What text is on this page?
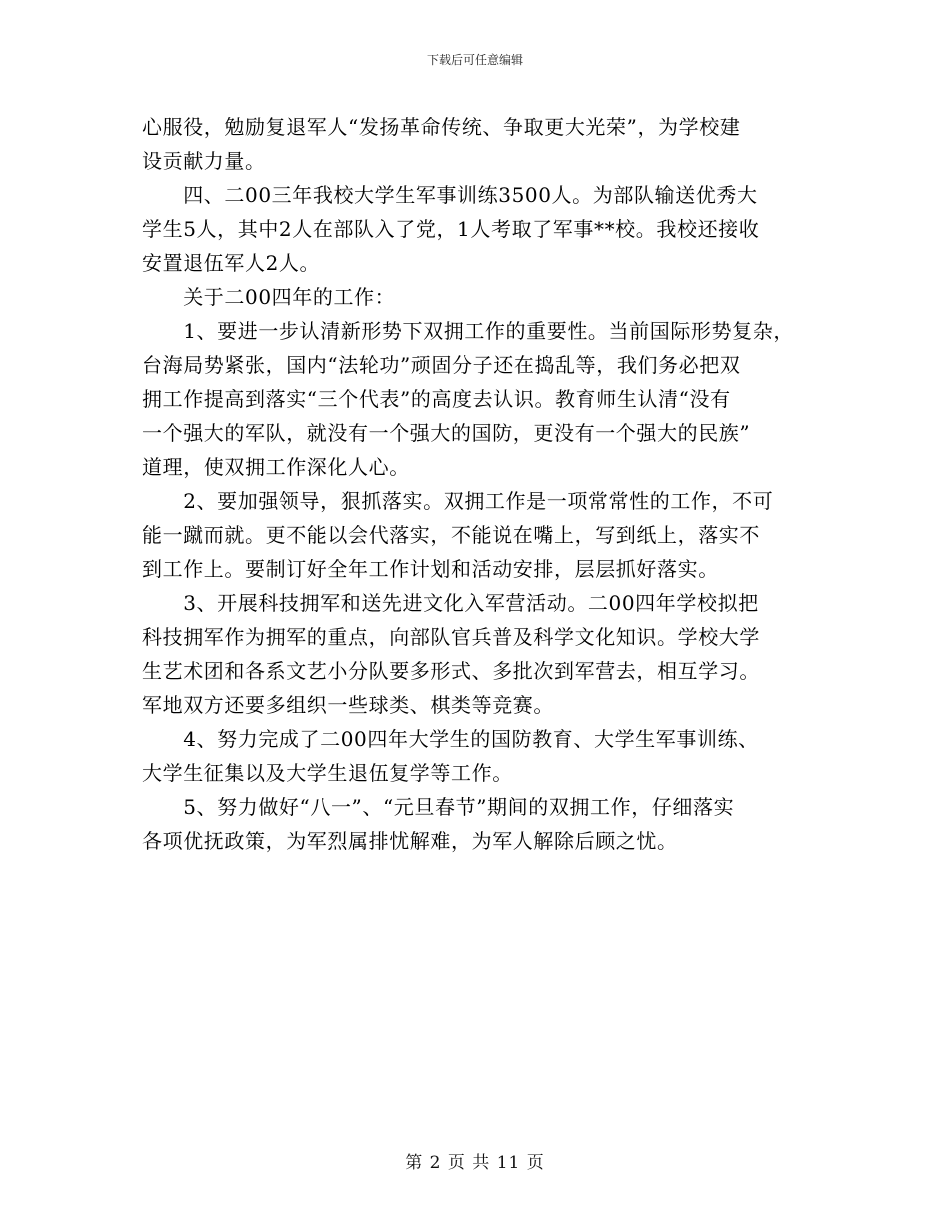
下载后可任意编辑
心服役，勉励复退军人“发扬革命传统、争取更大光荣”，为学校建
设贡献力量。
　　四、二00三年我校大学生军事训练3500人。为部队输送优秀大
学生5人，其中2人在部队入了党，1人考取了军事**校。我校还接收
安置退伍军人2人。
　　关于二00四年的工作：
　　1、要进一步认清新形势下双拥工作的重要性。当前国际形势复杂，
台海局势紧张，国内“法轮功”顽固分子还在捣乱等，我们务必把双
拥工作提高到落实“三个代表”的高度去认识。教育师生认清“没有
一个强大的军队，就没有一个强大的国防，更没有一个强大的民族”
道理，使双拥工作深化人心。
　　2、要加强领导，狠抓落实。双拥工作是一项常常性的工作，不可
能一蹴而就。更不能以会代落实，不能说在嘴上，写到纸上，落实不
到工作上。要制订好全年工作计划和活动安排，层层抓好落实。
　　3、开展科技拥军和送先进文化入军营活动。二00四年学校拟把
科技拥军作为拥军的重点，向部队官兵普及科学文化知识。学校大学
生艺术团和各系文艺小分队要多形式、多批次到军营去，相互学习。
军地双方还要多组织一些球类、棋类等竞赛。
　　4、努力完成了二00四年大学生的国防教育、大学生军事训练、
大学生征集以及大学生退伍复学等工作。
　　5、努力做好“八一”、“元旦春节”期间的双拥工作，仔细落实
各项优抚政策，为军烈属排忧解难，为军人解除后顾之忧。
第 2 页 共 11 页
